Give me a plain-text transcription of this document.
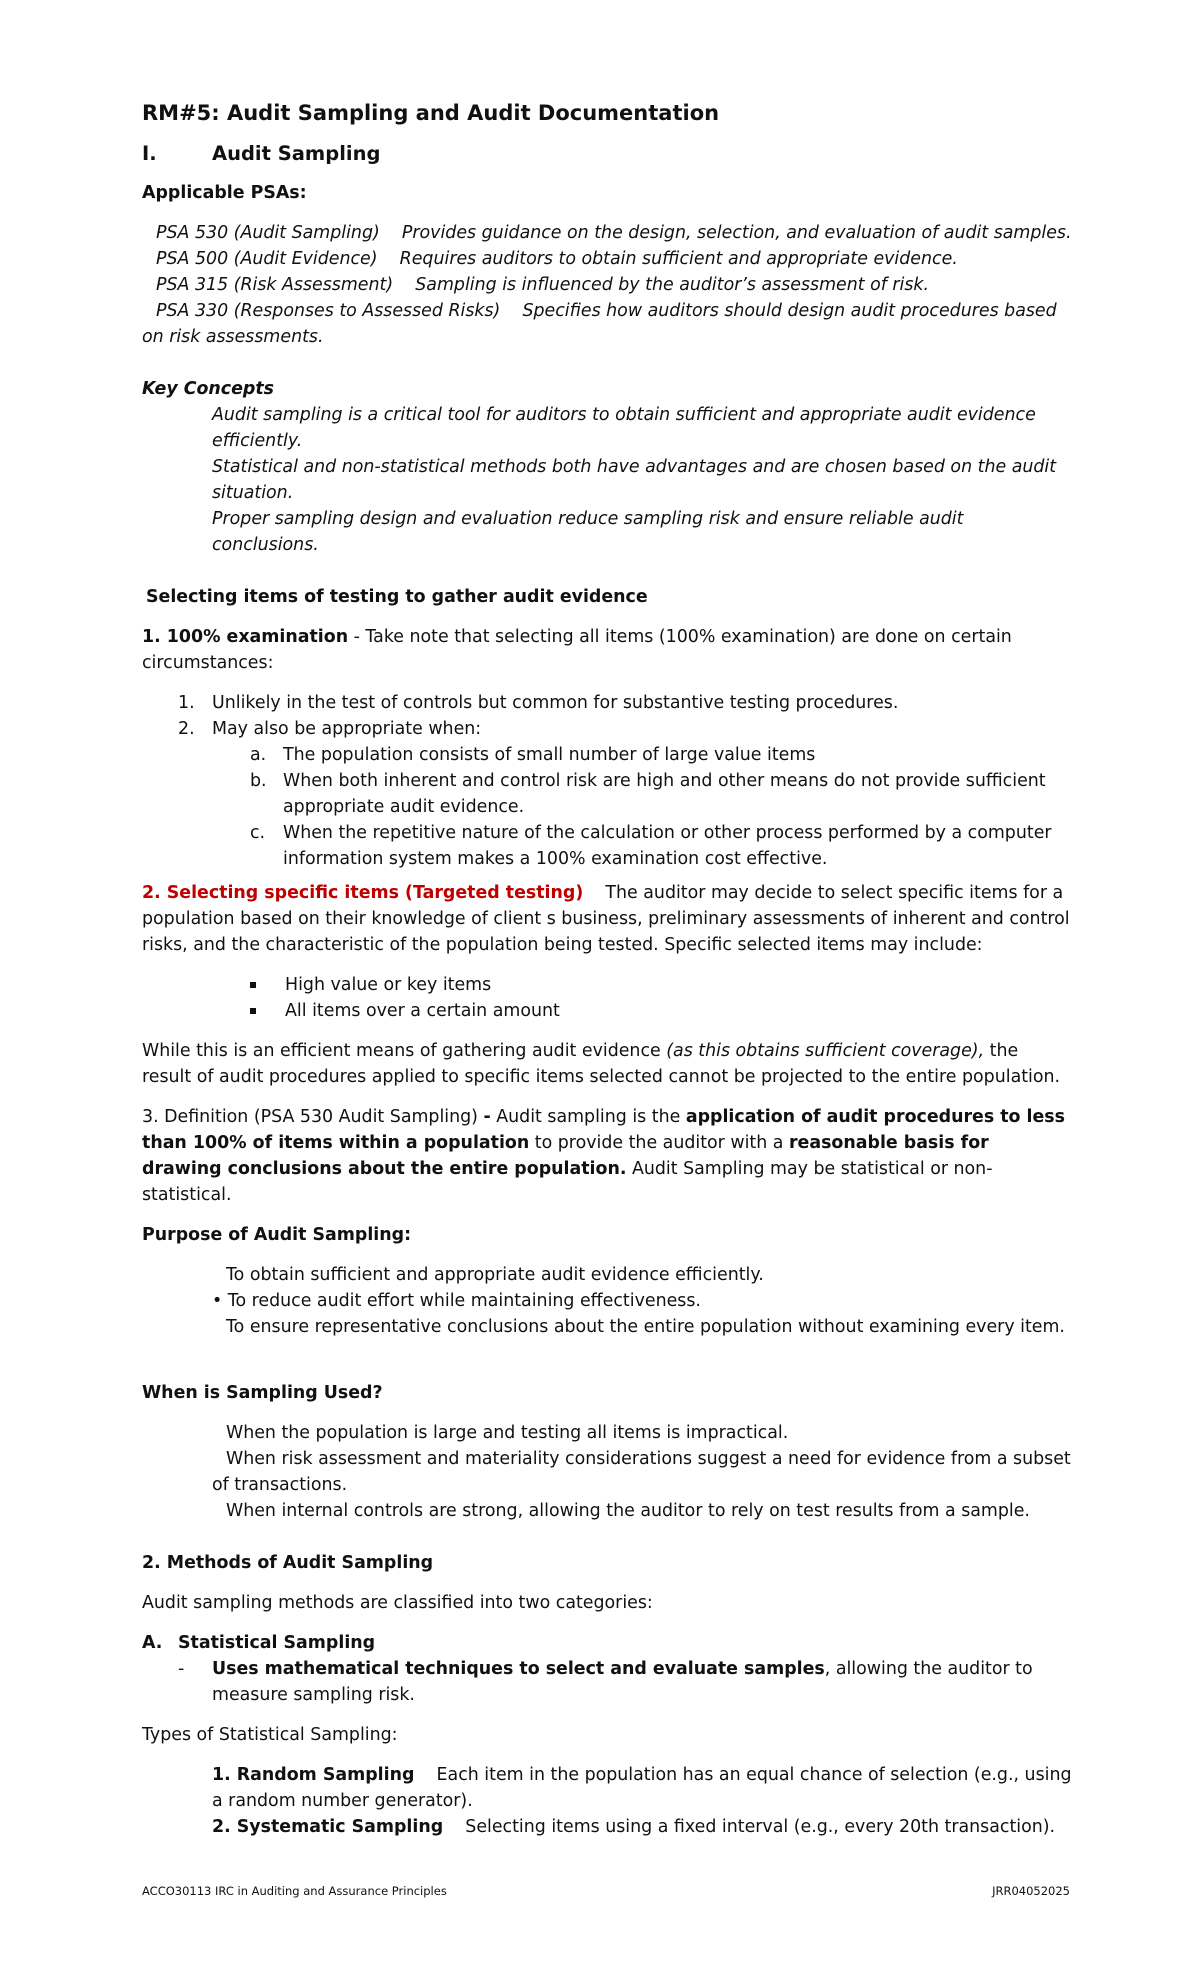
RM#5: Audit Sampling and Audit Documentation

I.	Audit Sampling

Applicable PSAs:

PSA 530 (Audit Sampling) Provides guidance on the design, selection, and evaluation of audit samples.

PSA 500 (Audit Evidence) Requires auditors to obtain sufficient and appropriate evidence.

PSA 315 (Risk Assessment) Sampling is influenced by the auditor’s assessment of risk.

PSA 330 (Responses to Assessed Risks) Specifies how auditors should design audit procedures based on risk assessments.

Key Concepts

Audit sampling is a critical tool for auditors to obtain sufficient and appropriate audit evidence efficiently.

Statistical and non-statistical methods both have advantages and are chosen based on the audit situation.

Proper sampling design and evaluation reduce sampling risk and ensure reliable audit conclusions.

Selecting items of testing to gather audit evidence

1. 100% examination - Take note that selecting all items (100% examination) are done on certain circumstances:

1. Unlikely in the test of controls but common for substantive testing procedures.

2. May also be appropriate when:

a. The population consists of small number of large value items

b. When both inherent and control risk are high and other means do not provide sufficient appropriate audit evidence.

c. When the repetitive nature of the calculation or other process performed by a computer information system makes a 100% examination cost effective.

2. Selecting specific items (Targeted testing) The auditor may decide to select specific items for a population based on their knowledge of client s business, preliminary assessments of inherent and control risks, and the characteristic of the population being tested. Specific selected items may include:

High value or key items

All items over a certain amount

While this is an efficient means of gathering audit evidence (as this obtains sufficient coverage), the result of audit procedures applied to specific items selected cannot be projected to the entire population.

3. Definition (PSA 530 Audit Sampling) - Audit sampling is the application of audit procedures to less than 100% of items within a population to provide the auditor with a reasonable basis for drawing conclusions about the entire population. Audit Sampling may be statistical or non-statistical.

Purpose of Audit Sampling:

To obtain sufficient and appropriate audit evidence efficiently.

• To reduce audit effort while maintaining effectiveness.

To ensure representative conclusions about the entire population without examining every item.

When is Sampling Used?

When the population is large and testing all items is impractical.

When risk assessment and materiality considerations suggest a need for evidence from a subset of transactions.

When internal controls are strong, allowing the auditor to rely on test results from a sample.

2. Methods of Audit Sampling

Audit sampling methods are classified into two categories:

A. Statistical Sampling

- Uses mathematical techniques to select and evaluate samples, allowing the auditor to measure sampling risk.

Types of Statistical Sampling:

1. Random Sampling Each item in the population has an equal chance of selection (e.g., using a random number generator).

2. Systematic Sampling Selecting items using a fixed interval (e.g., every 20th transaction).

ACCO30113 IRC in Auditing and Assurance Principles	JRR04052025
